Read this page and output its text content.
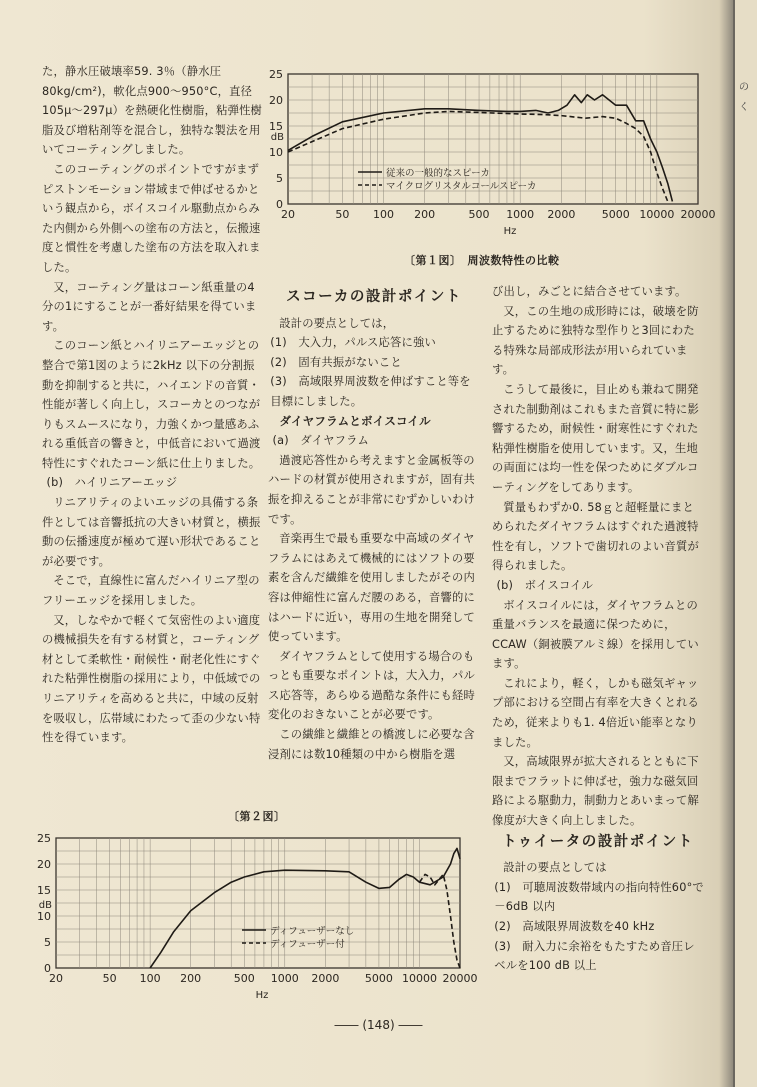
の
く
20	50 100 200	500 1000 2000 5000 10000 20000
0
5
10
15
20
25
Hz
dB
従来の一般的なスピーカ
マイクログリスタルコールスピーカ
〔第１図〕　周波数特性の比較

た，静水圧破壊率59. 3％（静水圧80kg/cm²)，軟化点900～950°C，直径105μ～297μ）を熱硬化性樹脂，粘弾性樹脂及び増粘剤等を混合し，独特な製法を用いてコーティングしました。

このコーティングのポイントですがまずピストンモーション帯域まで伸ばせるかという観点から，ボイスコイル駆動点からみた内側から外側への塗布の方法と，伝搬速度と慣性を考慮した塗布の方法を取入れました。

又，コーティング量はコーン紙重量の4分の1にすることが一番好結果を得ています。

このコーン紙とハイリニアーエッジとの整合で第1図のように2kHz 以下の分割振動を抑制すると共に，ハイエンドの音質・性能が著しく向上し，スコーカとのつながりもスムースになり，力強くかつ量感あふれる重低音の響きと，中低音において過渡特性にすぐれたコーン紙に仕上りました。

(b)　ハイリニアーエッジ

リニアリティのよいエッジの具備する条件としては音響抵抗の大きい材質と，横振動の伝播速度が極めて遅い形状であることが必要です。

そこで，直線性に富んだハイリニア型のフリーエッジを採用しました。

又，しなやかで軽くて気密性のよい適度の機械損失を有する材質と，コーティング材として柔軟性・耐候性・耐老化性にすぐれた粘弾性樹脂の採用により，中低域でのリニアリティを高めると共に，中域の反射を吸収し，広帯域にわたって歪の少ない特性を得ています。

スコーカの設計ポイント

設計の要点としては，

(1)　大入力，パルス応答に強い

(2)　固有共振がないこと

(3)　高域限界周波数を伸ばすこと等を目標にしました。

ダイヤフラムとボイスコイル

(a)　ダイヤフラム

過渡応答性から考えますと金属板等のハードの材質が使用されますが，固有共振を抑えることが非常にむずかしいわけです。

音楽再生で最も重要な中高域のダイヤフラムにはあえて機械的にはソフトの要素を含んだ繊維を使用しましたがその内容は伸縮性に富んだ腰のある，音響的にはハードに近い，専用の生地を開発して使っています。

ダイヤフラムとして使用する場合のもっとも重要なポイントは，大入力，パルス応答等，あらゆる過酷な条件にも経時変化のおきないことが必要です。

この繊維と繊維との橋渡しに必要な含浸剤には数10種類の中から樹脂を選

び出し，みごとに結合させています。

又，この生地の成形時には，破壊を防止するために独特な型作りと3回にわたる特殊な局部成形法が用いられています。

こうして最後に，目止めも兼ねて開発された制動剤はこれもまた音質に特に影響するため，耐候性・耐寒性にすぐれた粘弾性樹脂を使用しています。又，生地の両面には均一性を保つためにダブルコーティングをしてあります。

質量もわずか0. 58ｇと超軽量にまとめられたダイヤフラムはすぐれた過渡特性を有し，ソフトで歯切れのよい音質が得られました。

(b)　ボイスコイル

ボイスコイルには，ダイヤフラムとの重量バランスを最適に保つために，CCAW（銅被膜アルミ線）を採用しています。

これにより，軽く，しかも磁気ギャップ部における空間占有率を大きくとれるため，従来よりも1. 4倍近い能率となりました。

又，高域限界が拡大されるとともに下限までフラットに伸ばせ，強力な磁気回路による駆動力，制動力とあいまって解像度が大きく向上しました。

トゥイータの設計ポイント

設計の要点としては

(1)　可聴周波数帯域内の指向特性60°で－6dB 以内

(2)　高域限界周波数を40 kHz

(3)　耐入力に余裕をもたすため音圧レベルを100 dB 以上

〔第２図〕
20	50 100 200	500 1000 2000 5000 10000 20000
0
5
10
15
20
25
Hz
dB
ディフューザーなし
ディフューザー付
―― (148) ――
